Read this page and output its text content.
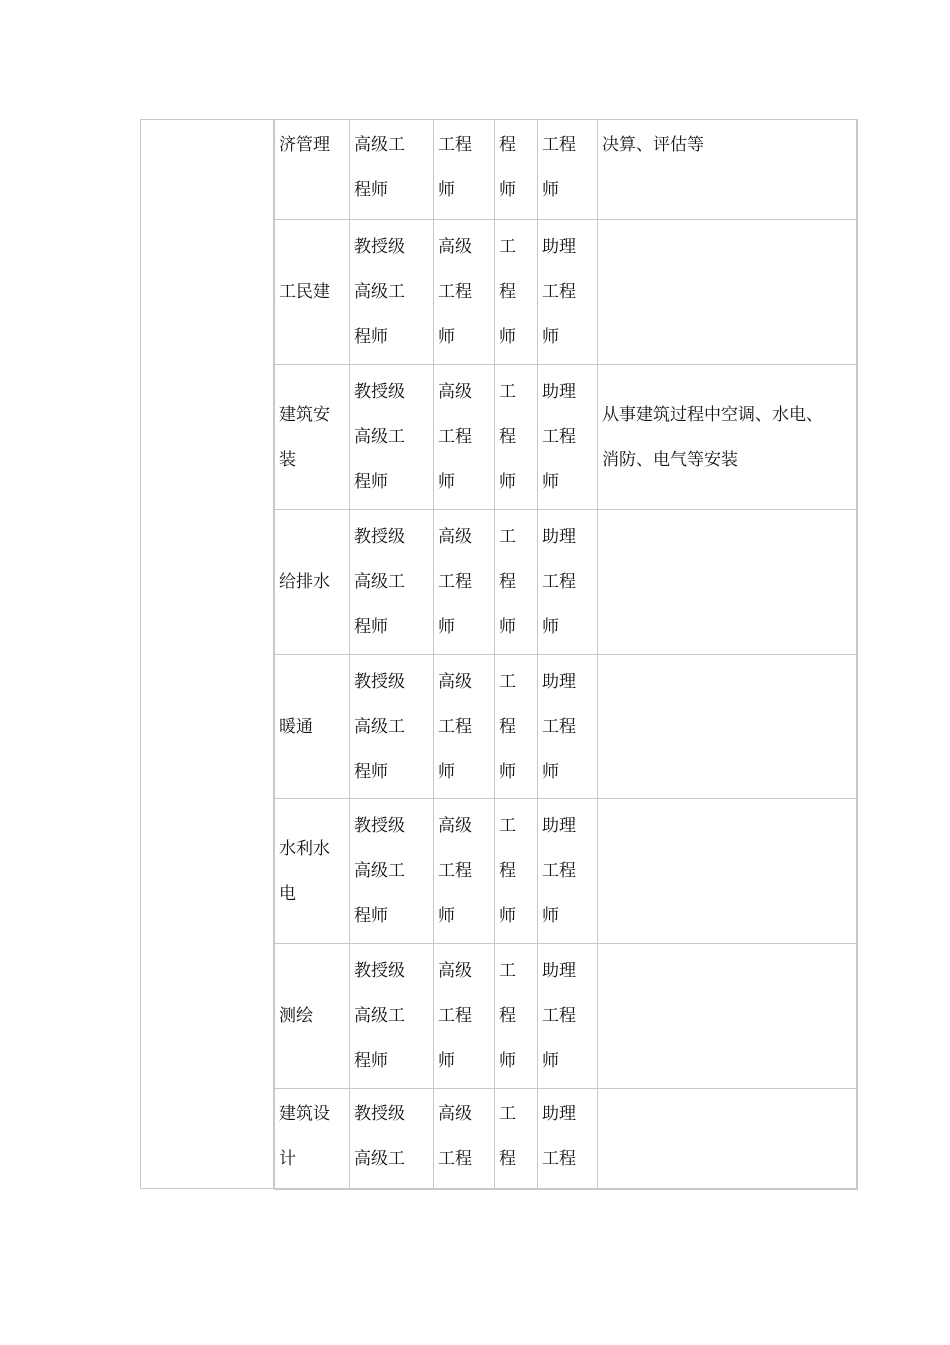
济管理	高级工
程师
工程
师
程
师
工程
师
决算、评估等
工民建
教授级
高级工
程师
高级
工程
师
工
程
师
助理
工程
师
建筑安
装
教授级
高级工
程师
高级
工程
师
工
程
师
助理
工程
师
从事建筑过程中空调、水电、
消防、电气等安装
给排水
教授级
高级工
程师
高级
工程
师
工
程
师
助理
工程
师
暖通
教授级
高级工
程师
高级
工程
师
工
程
师
助理
工程
师
水利水
电
教授级
高级工
程师
高级
工程
师
工
程
师
助理
工程
师
测绘
教授级
高级工
程师
高级
工程
师
工
程
师
助理
工程
师
建筑设
计
教授级
高级工
高级
工程
工
程
助理
工程
